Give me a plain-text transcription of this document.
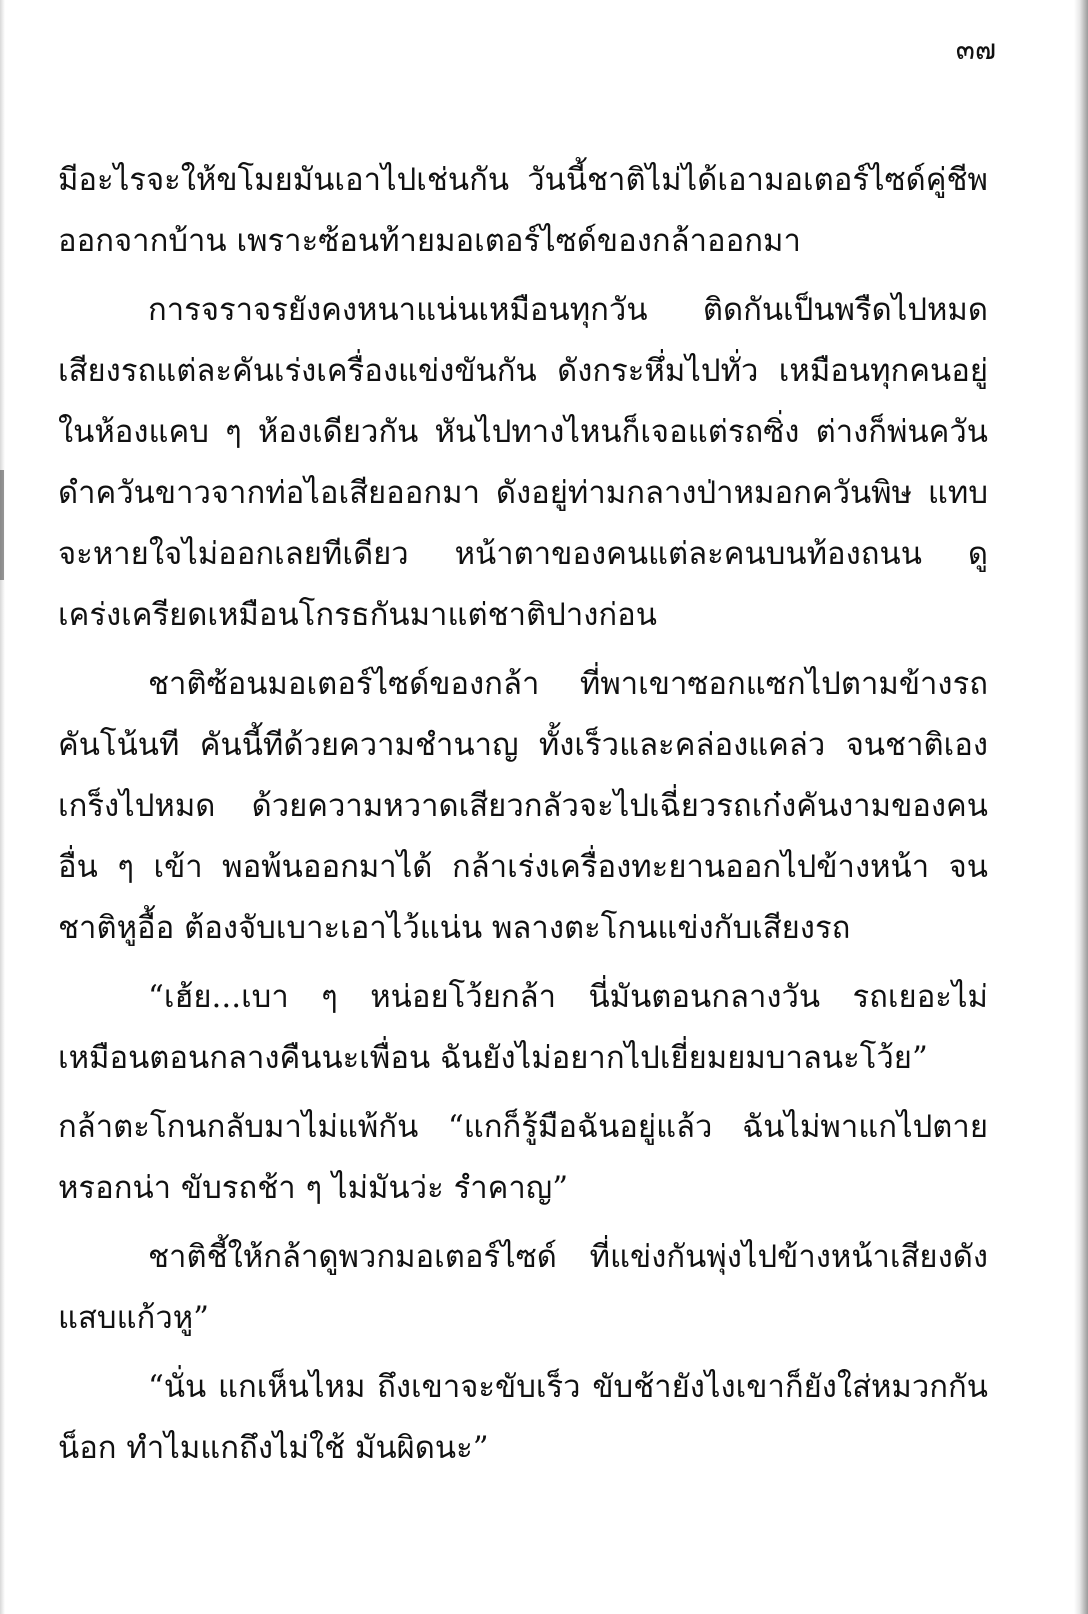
๓๗

มีอะไรจะให้ขโมยมันเอาไปเช่นกัน วันนี้ชาติไม่ได้เอามอเตอร์ไซด์คู่ชีพออกจากบ้าน เพราะซ้อนท้ายมอเตอร์ไซด์ของกล้าออกมา

การจราจรยังคงหนาแน่นเหมือนทุกวัน ติดกันเป็นพรืดไปหมด เสียงรถแต่ละคันเร่งเครื่องแข่งขันกัน ดังกระหึ่มไปทั่ว เหมือนทุกคนอยู่ในห้องแคบ ๆ ห้องเดียวกัน หันไปทางไหนก็เจอแต่รถซิ่ง ต่างก็พ่นควันดำควันขาวจากท่อไอเสียออกมา ดังอยู่ท่ามกลางป่าหมอกควันพิษ แทบจะหายใจไม่ออกเลยทีเดียว หน้าตาของคนแต่ละคนบนท้องถนน ดูเคร่งเครียดเหมือนโกรธกันมาแต่ชาติปางก่อน

ชาติซ้อนมอเตอร์ไซด์ของกล้า ที่พาเขาซอกแซกไปตามข้างรถคันโน้นที คันนี้ทีด้วยความชำนาญ ทั้งเร็วและคล่องแคล่ว จนชาติเองเกร็งไปหมด ด้วยความหวาดเสียวกลัวจะไปเฉี่ยวรถเก๋งคันงามของคนอื่น ๆ เข้า พอพ้นออกมาได้ กล้าเร่งเครื่องทะยานออกไปข้างหน้า จนชาติหูอื้อ ต้องจับเบาะเอาไว้แน่น พลางตะโกนแข่งกับเสียงรถ

“เฮ้ย...เบา ๆ หน่อยโว้ยกล้า นี่มันตอนกลางวัน รถเยอะไม่เหมือนตอนกลางคืนนะเพื่อน ฉันยังไม่อยากไปเยี่ยมยมบาลนะโว้ย”

กล้าตะโกนกลับมาไม่แพ้กัน “แกก็รู้มือฉันอยู่แล้ว ฉันไม่พาแกไปตายหรอกน่า ขับรถช้า ๆ ไม่มันว่ะ รำคาญ”

ชาติชี้ให้กล้าดูพวกมอเตอร์ไซด์ ที่แข่งกันพุ่งไปข้างหน้าเสียงดังแสบแก้วหู”

“นั่น แกเห็นไหม ถึงเขาจะขับเร็ว ขับช้ายังไงเขาก็ยังใส่หมวกกันน็อก ทำไมแกถึงไม่ใช้ มันผิดนะ”
